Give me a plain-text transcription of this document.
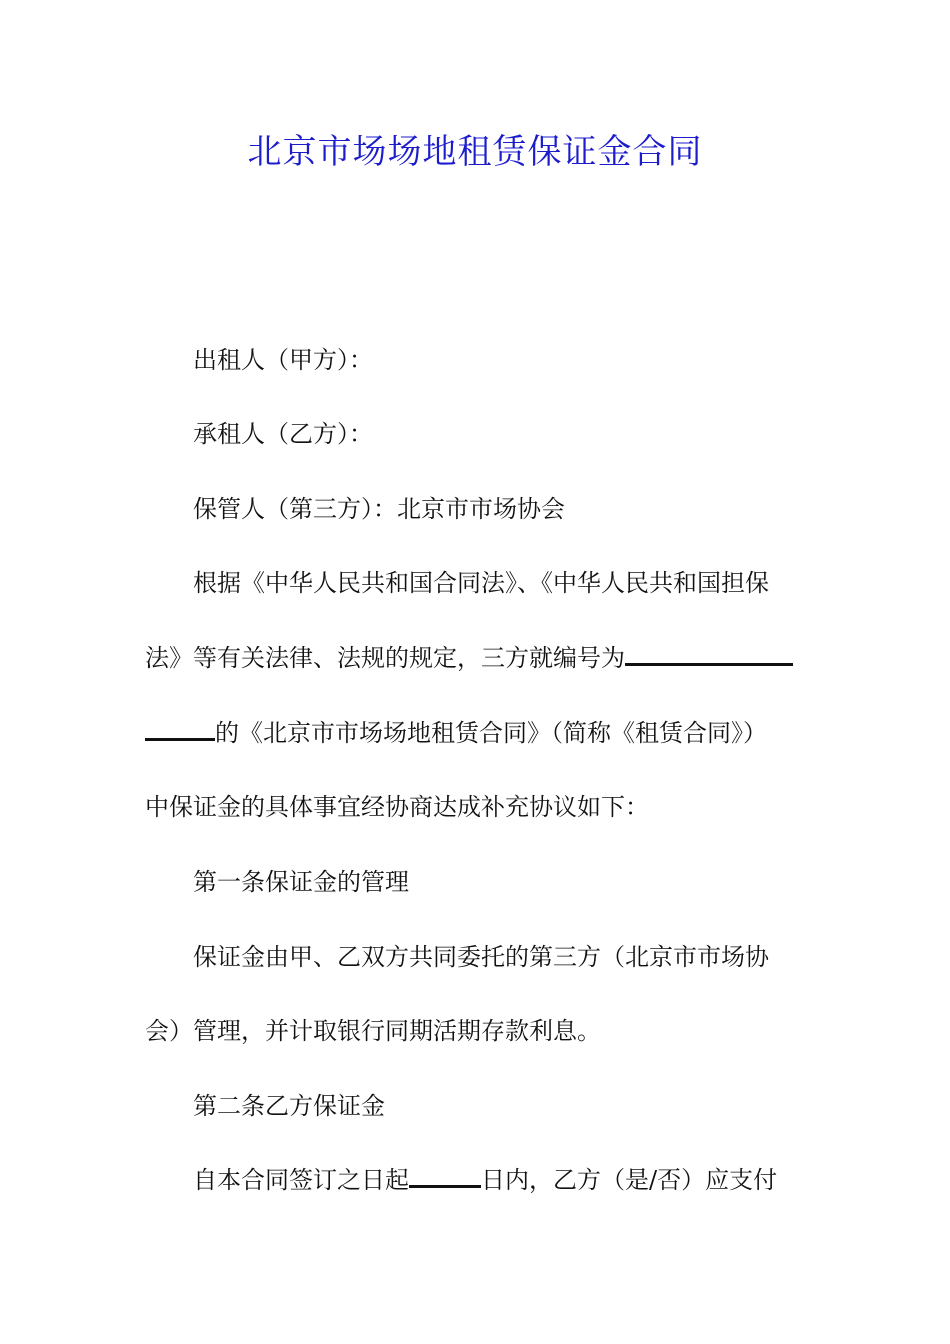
北京市场场地租赁保证金合同
出租人（甲方）：
承租人（乙方）：
保管人（第三方）：北京市市场协会
根据《中华人民共和国合同法》、《中华人民共和国担保
法》等有关法律、法规的规定，三方就编号为
的《北京市市场场地租赁合同》（简称《租赁合同》）
中保证金的具体事宜经协商达成补充协议如下：
第一条保证金的管理
保证金由甲、乙双方共同委托的第三方（北京市市场协
会）管理，并计取银行同期活期存款利息。
第二条乙方保证金
自本合同签订之日起	日内，乙方（是/否）应支付
